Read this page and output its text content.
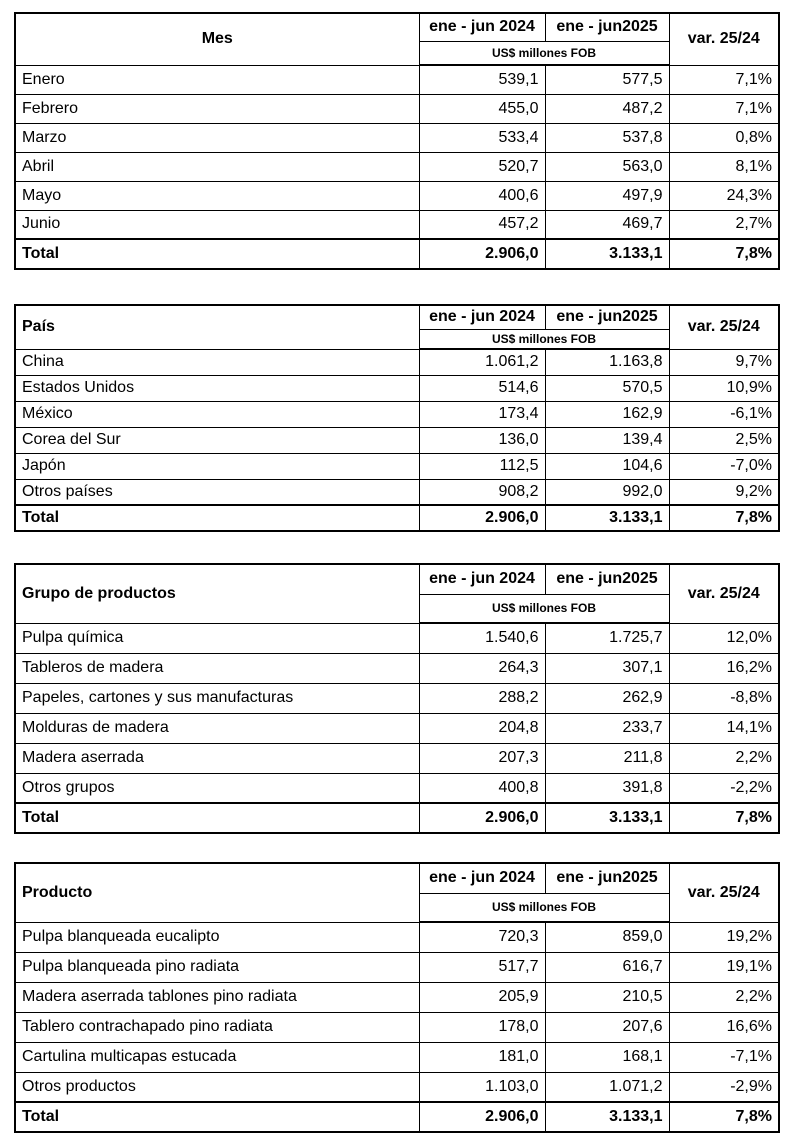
Mes	ene - jun 2024	ene - jun2025	var. 25/24
	US$ millones FOB		
Enero	539,1	577,5	7,1%
Febrero	455,0	487,2	7,1%
Marzo	533,4	537,8	0,8%
Abril	520,7	563,0	8,1%
Mayo	400,6	497,9	24,3%
Junio	457,2	469,7	2,7%
Total	2.906,0	3.133,1	7,8%
País	ene - jun 2024	ene - jun2025	var. 25/24
	US$ millones FOB		
China	1.061,2	1.163,8	9,7%
Estados Unidos	514,6	570,5	10,9%
México	173,4	162,9	-6,1%
Corea del Sur	136,0	139,4	2,5%
Japón	112,5	104,6	-7,0%
Otros países	908,2	992,0	9,2%
Total	2.906,0	3.133,1	7,8%
Grupo de productos	ene - jun 2024	ene - jun2025	var. 25/24
	US$ millones FOB		
Pulpa química	1.540,6	1.725,7	12,0%
Tableros de madera	264,3	307,1	16,2%
Papeles, cartones y sus manufacturas	288,2	262,9	-8,8%
Molduras de madera	204,8	233,7	14,1%
Madera aserrada	207,3	211,8	2,2%
Otros grupos	400,8	391,8	-2,2%
Total	2.906,0	3.133,1	7,8%
Producto	ene - jun 2024	ene - jun2025	var. 25/24
	US$ millones FOB		
Pulpa blanqueada eucalipto	720,3	859,0	19,2%
Pulpa blanqueada pino radiata	517,7	616,7	19,1%
Madera aserrada tablones pino radiata	205,9	210,5	2,2%
Tablero contrachapado pino radiata	178,0	207,6	16,6%
Cartulina multicapas estucada	181,0	168,1	-7,1%
Otros productos	1.103,0	1.071,2	-2,9%
Total	2.906,0	3.133,1	7,8%
